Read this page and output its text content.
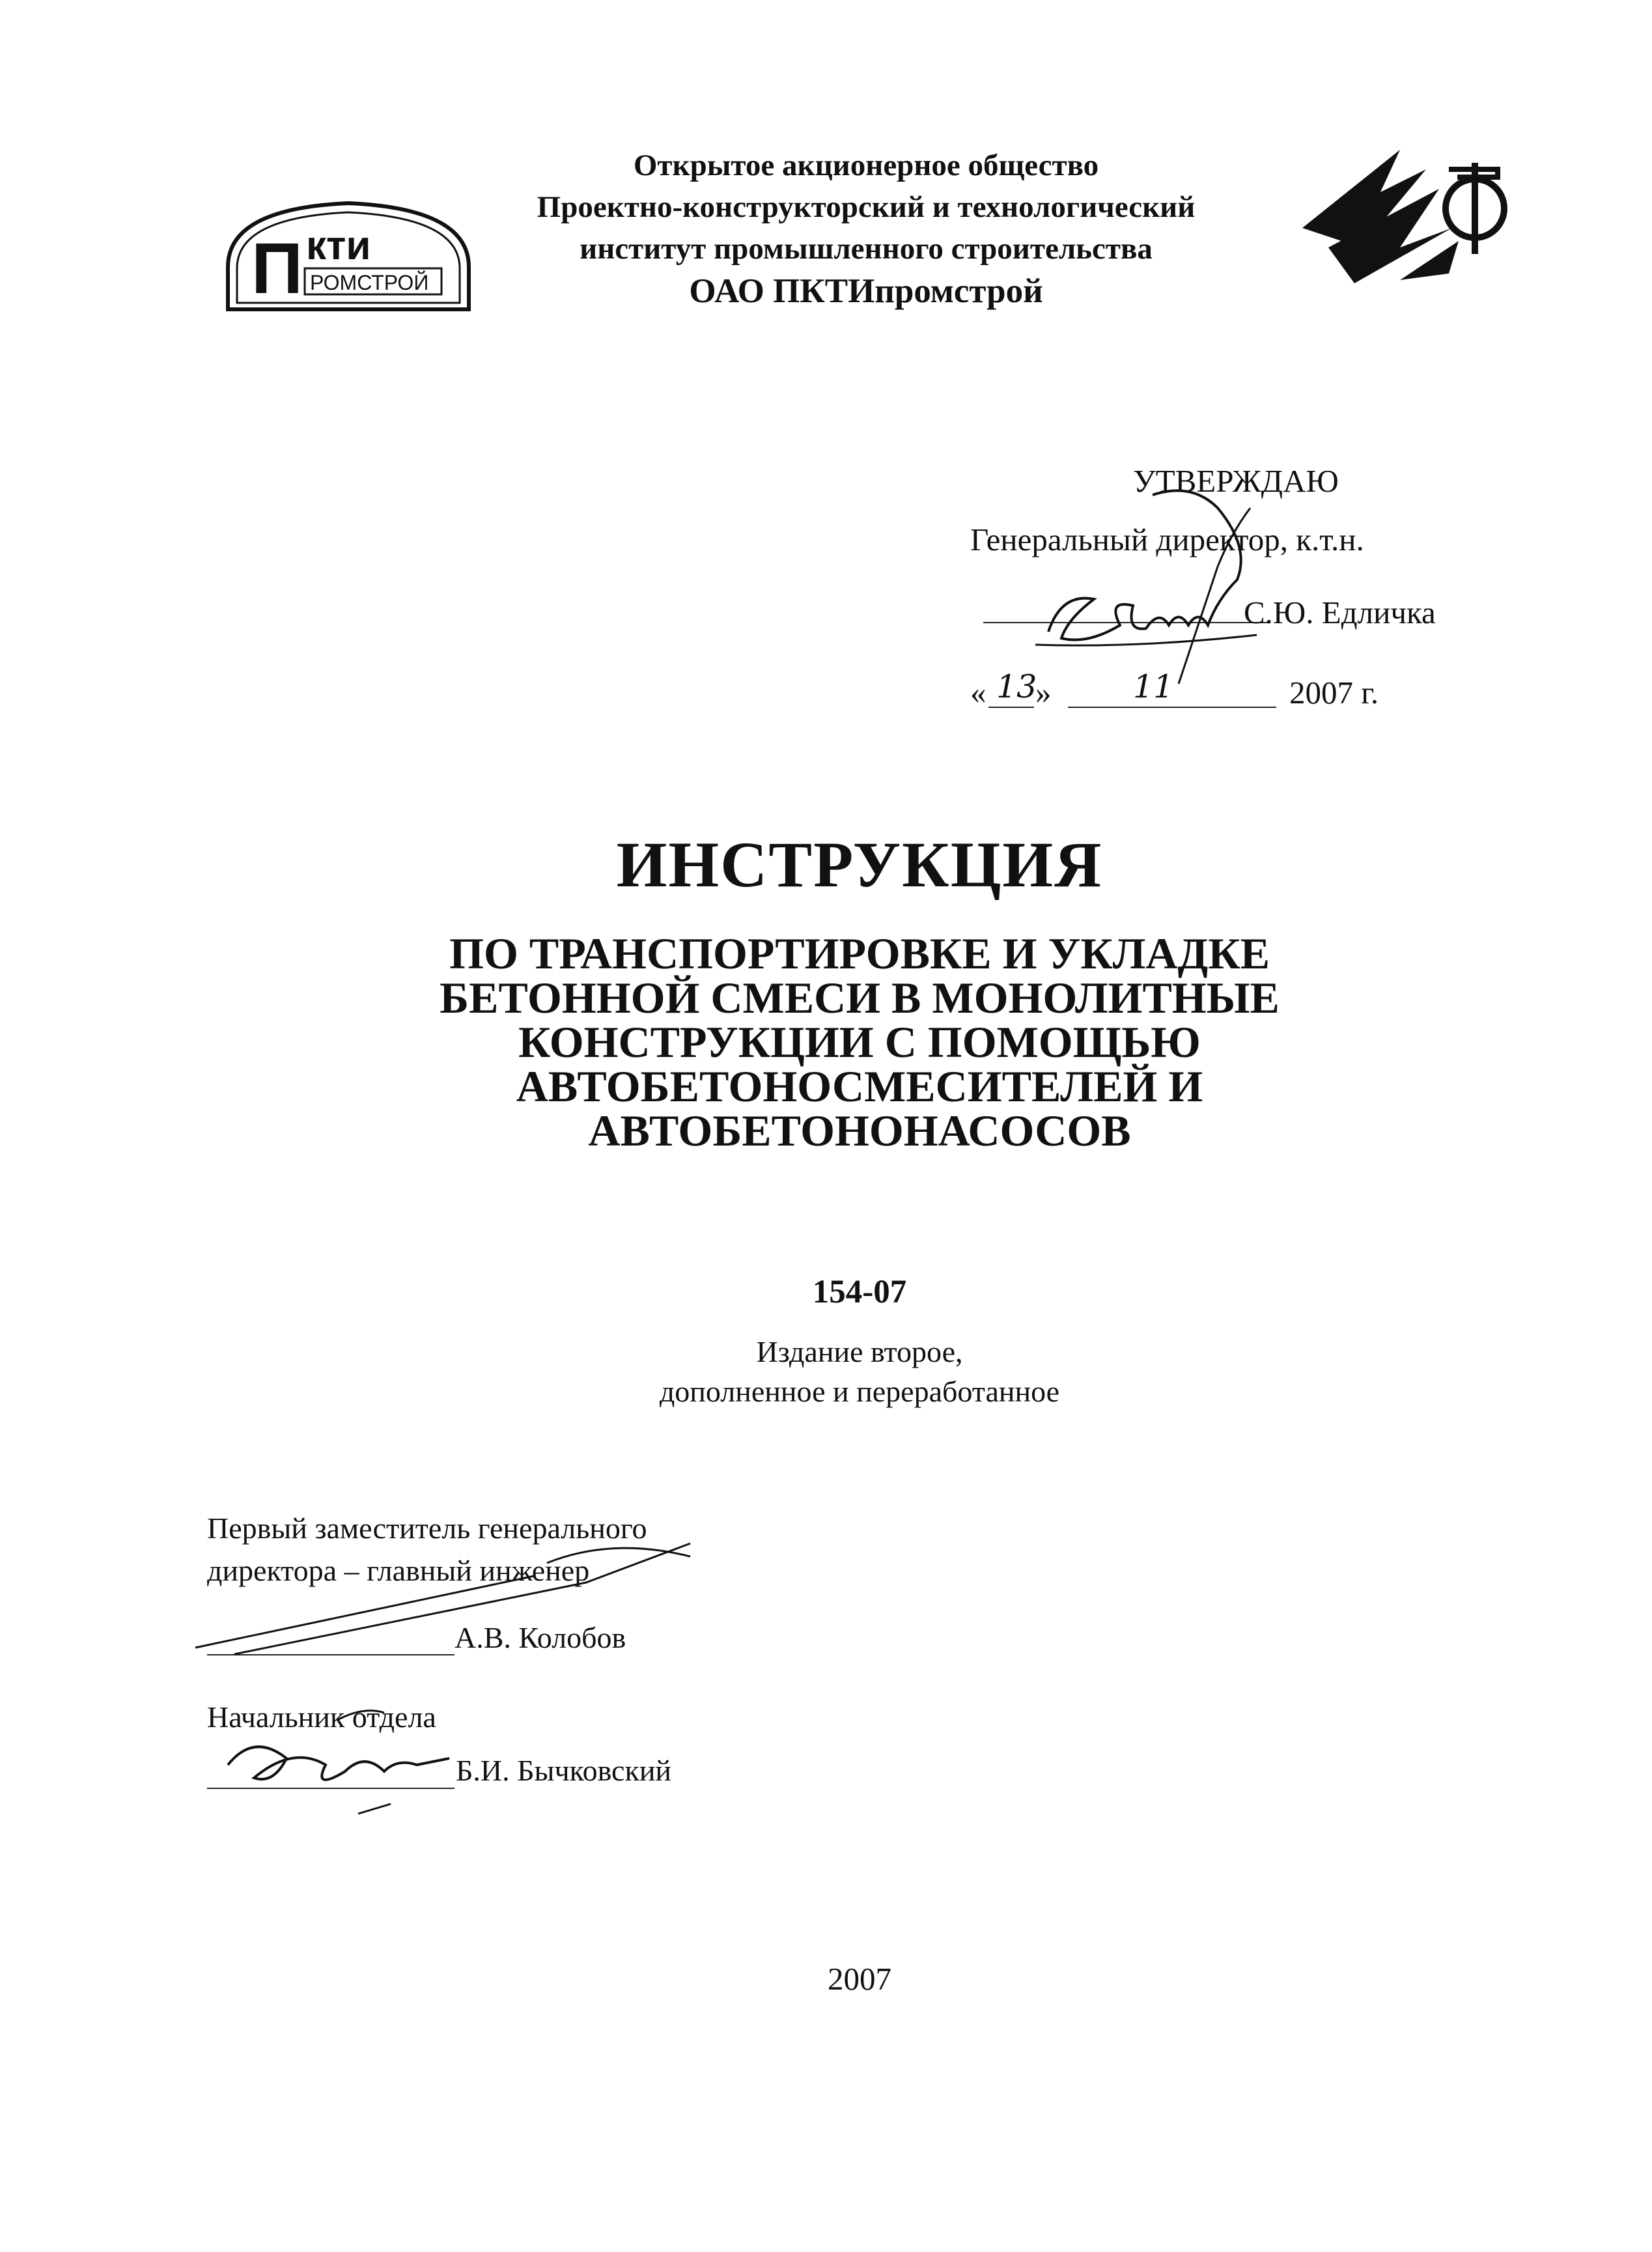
Открытое акционерное общество
Проектно-конструкторский и технологический
институт промышленного строительства
ОАО ПКТИпромстрой
П кти
РОМСТРОЙ
УТВЕРЖДАЮ
Генеральный директор, к.т.н.
С.Ю. Едличка
« 13
»	11	2007 г.
ИНСТРУКЦИЯ
ПО ТРАНСПОРТИРОВКЕ И УКЛАДКЕ
БЕТОННОЙ СМЕСИ В МОНОЛИТНЫЕ
КОНСТРУКЦИИ С ПОМОЩЬЮ
АВТОБЕТОНОСМЕСИТЕЛЕЙ И
АВТОБЕТОНОНАСОСОВ
154-07
Издание второе,
дополненное и переработанное
Первый заместитель генерального
директора – главный инженер
А.В. Колобов
Начальник отдела
Б.И. Бычковский
2007
